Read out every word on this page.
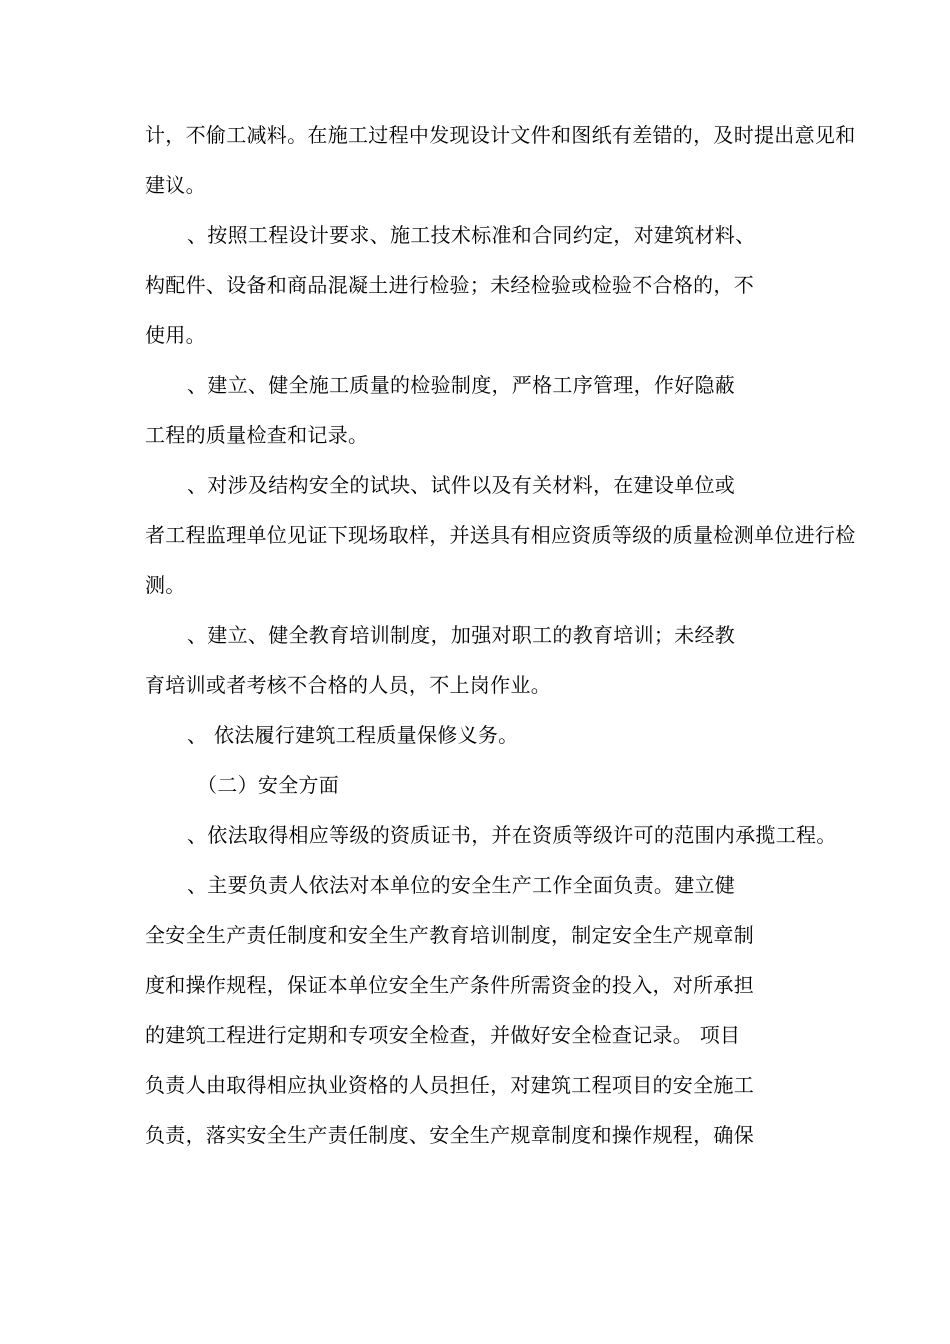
计，不偷工减料。在施工过程中发现设计文件和图纸有差错的，及时提出意见和
建议。

、按照工程设计要求、施工技术标准和合同约定，对建筑材料、
构配件、设备和商品混凝土进行检验；未经检验或检验不合格的，不
使用。

、建立、健全施工质量的检验制度，严格工序管理，作好隐蔽
工程的质量检查和记录。

、对涉及结构安全的试块、试件以及有关材料，在建设单位或
者工程监理单位见证下现场取样，并送具有相应资质等级的质量检测单位进行检
测。

、建立、健全教育培训制度，加强对职工的教育培训；未经教
育培训或者考核不合格的人员，不上岗作业。

、 依法履行建筑工程质量保修义务。

（二）安全方面

、依法取得相应等级的资质证书，并在资质等级许可的范围内承揽工程。

、主要负责人依法对本单位的安全生产工作全面负责。建立健
全安全生产责任制度和安全生产教育培训制度，制定安全生产规章制
度和操作规程，保证本单位安全生产条件所需资金的投入，对所承担
的建筑工程进行定期和专项安全检查，并做好安全检查记录。 项目
负责人由取得相应执业资格的人员担任，对建筑工程项目的安全施工
负责，落实安全生产责任制度、安全生产规章制度和操作规程，确保
